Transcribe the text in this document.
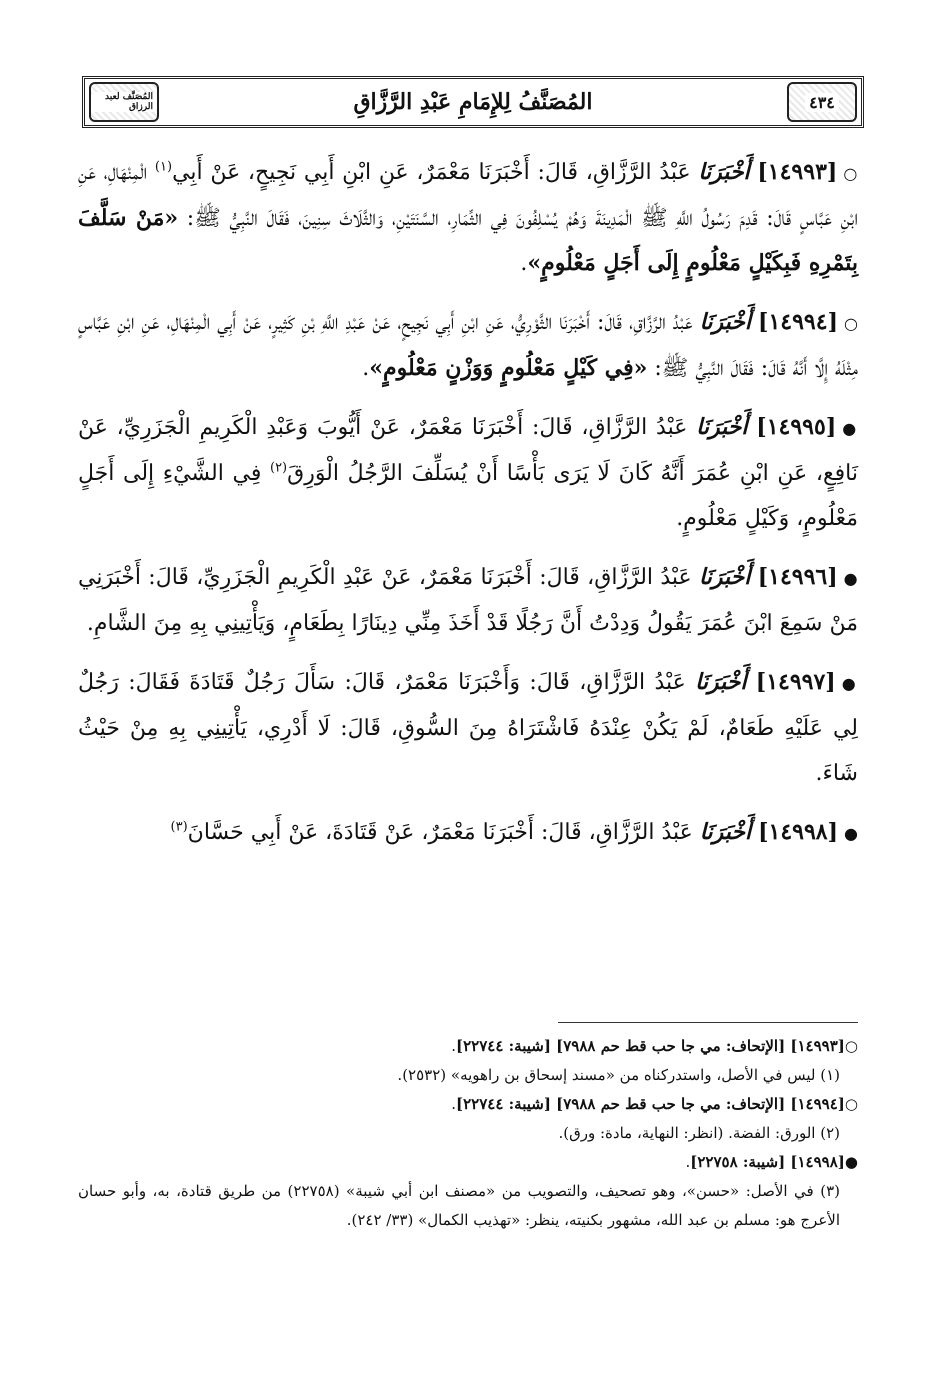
٤٣٤
المُصَنَّفُ لِلإِمَامِ عَبْدِ الرَّزَّاقِ
المُصَنَّف لعبد الرزاق

○[١٤٩٩٣] أَخْبَرَنَا عَبْدُ الرَّزَّاقِ، قَالَ: أَخْبَرَنَا مَعْمَرٌ، عَنِ ابْنِ أَبِي نَجِيحٍ، عَنْ أَبِي$^{(١)}$ الْمِنْهَالِ، عَنِ ابْنِ عَبَّاسٍ قَالَ: قَدِمَ رَسُولُ اللَّهِ ﷺ الْمَدِينَةَ وَهُمْ يُسْلِفُونَ فِي الثِّمَارِ، السَّنَتَيْنِ، وَالثَّلَاثَ سِنِينَ، فَقَالَ النَّبِيُّ ﷺ: «مَنْ سَلَّفَ بِتَمْرِهِ فَبِكَيْلٍ مَعْلُومٍ إِلَى أَجَلٍ مَعْلُومٍ».

○[١٤٩٩٤] أَخْبَرَنَا عَبْدُ الرَّزَّاقِ، قَالَ: أَخْبَرَنَا الثَّوْرِيُّ، عَنِ ابْنِ أَبِي نَجِيحٍ، عَنْ عَبْدِ اللَّهِ بْنِ كَثِيرٍ، عَنْ أَبِي الْمِنْهَالِ، عَنِ ابْنِ عَبَّاسٍ مِثْلَهُ إِلَّا أَنَّهُ قَالَ: فَقَالَ النَّبِيُّ ﷺ: «فِي كَيْلٍ مَعْلُومٍ وَوَزْنٍ مَعْلُومٍ».

●[١٤٩٩٥] أَخْبَرَنَا عَبْدُ الرَّزَّاقِ، قَالَ: أَخْبَرَنَا مَعْمَرٌ، عَنْ أَيُّوبَ وَعَبْدِ الْكَرِيمِ الْجَزَرِيِّ، عَنْ نَافِعٍ، عَنِ ابْنِ عُمَرَ أَنَّهُ كَانَ لَا يَرَى بَأْسًا أَنْ يُسَلِّفَ الرَّجُلُ الْوَرِقَ$^{(٢)}$ فِي الشَّيْءِ إِلَى أَجَلٍ مَعْلُومٍ، وَكَيْلٍ مَعْلُومٍ.

●[١٤٩٩٦] أَخْبَرَنَا عَبْدُ الرَّزَّاقِ، قَالَ: أَخْبَرَنَا مَعْمَرٌ، عَنْ عَبْدِ الْكَرِيمِ الْجَزَرِيِّ، قَالَ: أَخْبَرَنِي مَنْ سَمِعَ ابْنَ عُمَرَ يَقُولُ وَدِدْتُ أَنَّ رَجُلًا قَدْ أَخَذَ مِنِّي دِينَارًا بِطَعَامٍ، وَيَأْتِينِي بِهِ مِنَ الشَّامِ.

●[١٤٩٩٧] أَخْبَرَنَا عَبْدُ الرَّزَّاقِ، قَالَ: وَأَخْبَرَنَا مَعْمَرٌ، قَالَ: سَأَلَ رَجُلٌ قَتَادَةَ فَقَالَ: رَجُلٌ لِي عَلَيْهِ طَعَامٌ، لَمْ يَكُنْ عِنْدَهُ فَاشْتَرَاهُ مِنَ السُّوقِ، قَالَ: لَا أَدْرِي، يَأْتِينِي بِهِ مِنْ حَيْثُ شَاءَ.

●[١٤٩٩٨] أَخْبَرَنَا عَبْدُ الرَّزَّاقِ، قَالَ: أَخْبَرَنَا مَعْمَرٌ، عَنْ قَتَادَةَ، عَنْ أَبِي حَسَّانَ$^{(٣)}$

○[١٤٩٩٣] [الإتحاف: مي جا حب قط حم ٧٩٨٨] [شيبة: ٢٢٧٤٤].

(١) ليس في الأصل، واستدركناه من «مسند إسحاق بن راهويه» (٢٥٣٢).

○[١٤٩٩٤] [الإتحاف: مي جا حب قط حم ٧٩٨٨] [شيبة: ٢٢٧٤٤].

(٢) الورق: الفضة. (انظر: النهاية، مادة: ورق).

●[١٤٩٩٨] [شيبة: ٢٢٧٥٨].

(٣) في الأصل: «حسن»، وهو تصحيف، والتصويب من «مصنف ابن أبي شيبة» (٢٢٧٥٨) من طريق قتادة، به، وأبو حسان الأعرج هو: مسلم بن عبد الله، مشهور بكنيته، ينظر: «تهذيب الكمال» (٣٣/ ٢٤٢).
